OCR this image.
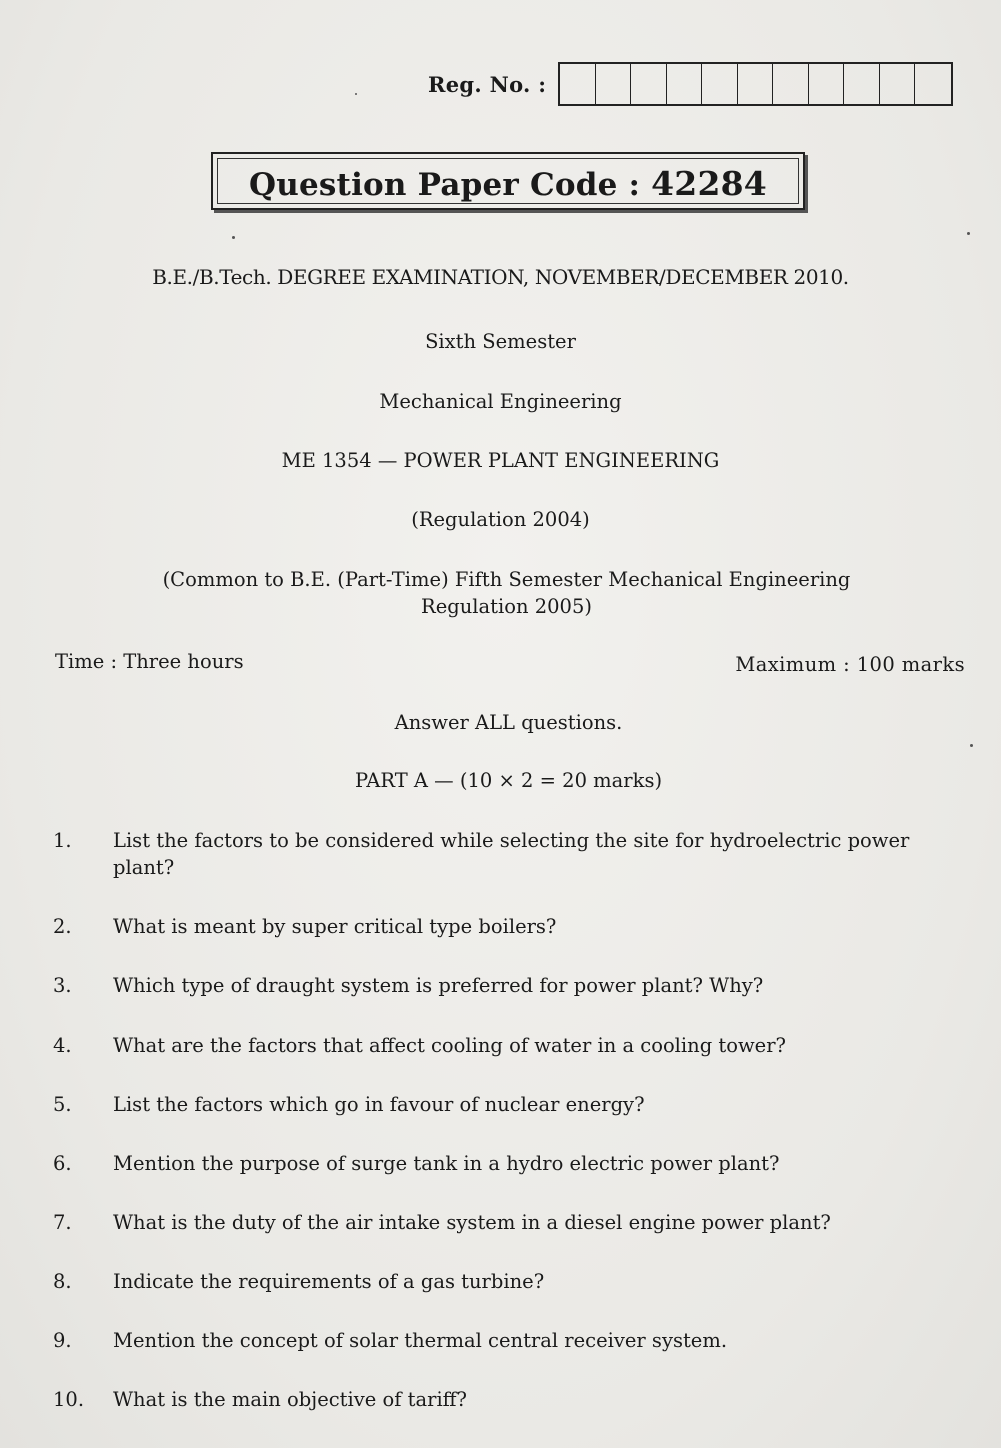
Reg. No. :
Question Paper Code : 42284
B.E./B.Tech. DEGREE EXAMINATION, NOVEMBER/DECEMBER 2010.
Sixth Semester
Mechanical Engineering
ME 1354 — POWER PLANT ENGINEERING
(Regulation 2004)
(Common to B.E. (Part-Time) Fifth Semester Mechanical Engineering
Regulation 2005)
Time : Three hours	Maximum : 100 marks
Answer ALL questions.
PART A — (10 × 2 = 20 marks)
1.	List the factors to be considered while selecting the site for hydroelectric power plant?
2.	What is meant by super critical type boilers?
3.	Which type of draught system is preferred for power plant? Why?
4.	What are the factors that affect cooling of water in a cooling tower?
5.	List the factors which go in favour of nuclear energy?
6.	Mention the purpose of surge tank in a hydro electric power plant?
7.	What is the duty of the air intake system in a diesel engine power plant?
8.	Indicate the requirements of a gas turbine?
9.	Mention the concept of solar thermal central receiver system.
10. What is the main objective of tariff?
